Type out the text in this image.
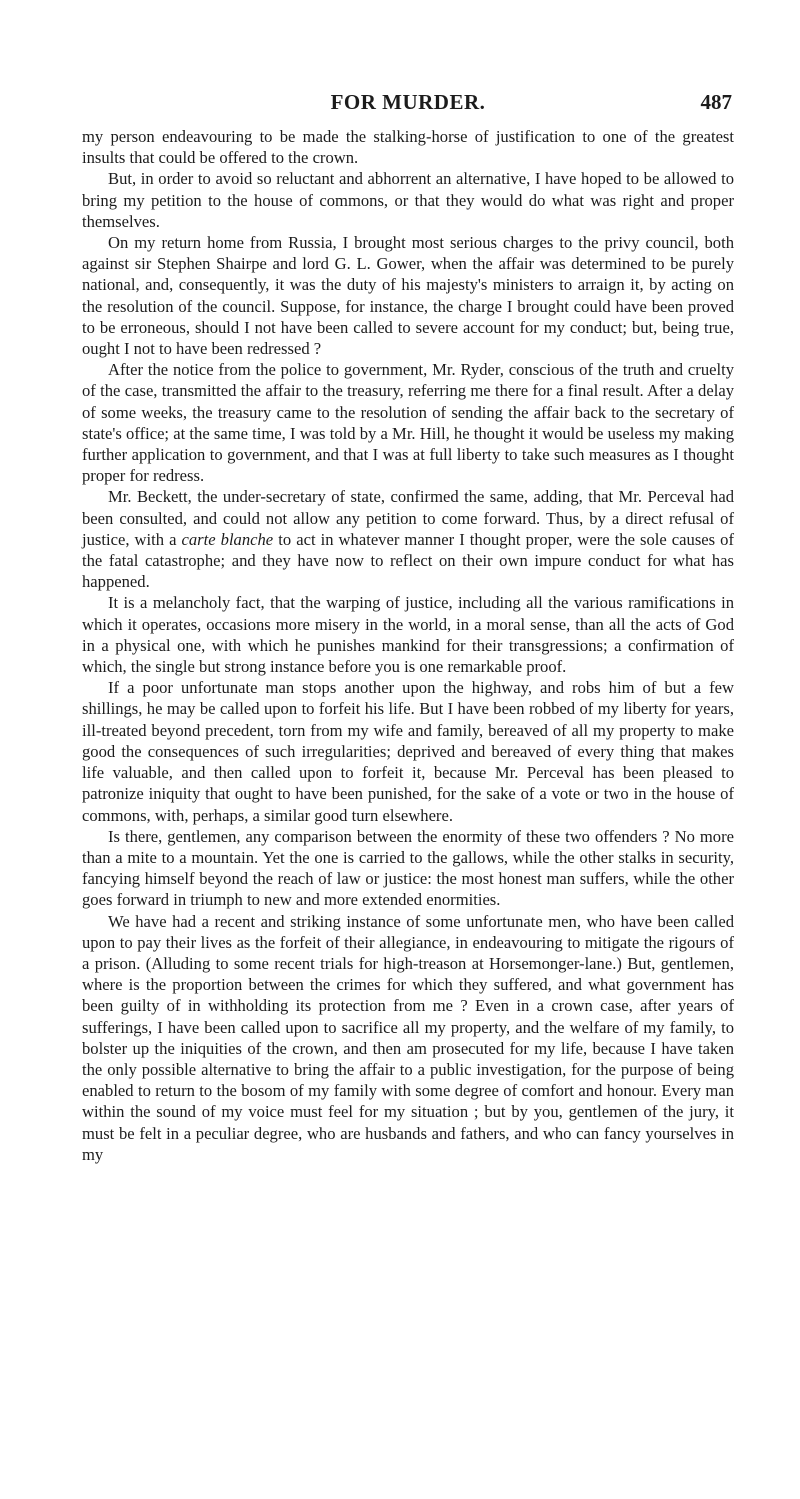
FOR MURDER.	487

my person endeavouring to be made the stalking-horse of justification to one of the greatest insults that could be offered to the crown.

But, in order to avoid so reluctant and abhorrent an alternative, I have hoped to be allowed to bring my petition to the house of commons, or that they would do what was right and proper themselves.

On my return home from Russia, I brought most serious charges to the privy council, both against sir Stephen Shairpe and lord G. L. Gower, when the affair was determined to be purely national, and, consequently, it was the duty of his majesty's ministers to arraign it, by acting on the resolution of the council. Suppose, for instance, the charge I brought could have been proved to be erroneous, should I not have been called to severe account for my conduct; but, being true, ought I not to have been redressed ?

After the notice from the police to government, Mr. Ryder, conscious of the truth and cruelty of the case, transmitted the affair to the treasury, referring me there for a final result. After a delay of some weeks, the treasury came to the resolution of sending the affair back to the secretary of state's office; at the same time, I was told by a Mr. Hill, he thought it would be useless my making further application to government, and that I was at full liberty to take such measures as I thought proper for redress.

Mr. Beckett, the under-secretary of state, confirmed the same, adding, that Mr. Perceval had been consulted, and could not allow any petition to come forward. Thus, by a direct refusal of justice, with a carte blanche to act in whatever manner I thought proper, were the sole causes of the fatal catastrophe; and they have now to reflect on their own impure conduct for what has happened.

It is a melancholy fact, that the warping of justice, including all the various ramifications in which it operates, occasions more misery in the world, in a moral sense, than all the acts of God in a physical one, with which he punishes mankind for their transgressions; a confirmation of which, the single but strong instance before you is one remarkable proof.

If a poor unfortunate man stops another upon the highway, and robs him of but a few shillings, he may be called upon to forfeit his life. But I have been robbed of my liberty for years, ill-treated beyond precedent, torn from my wife and family, bereaved of all my property to make good the consequences of such irregularities; deprived and bereaved of every thing that makes life valuable, and then called upon to forfeit it, because Mr. Perceval has been pleased to patronize iniquity that ought to have been punished, for the sake of a vote or two in the house of commons, with, perhaps, a similar good turn elsewhere.

Is there, gentlemen, any comparison between the enormity of these two offenders ? No more than a mite to a mountain. Yet the one is carried to the gallows, while the other stalks in security, fancying himself beyond the reach of law or justice: the most honest man suffers, while the other goes forward in triumph to new and more extended enormities.

We have had a recent and striking instance of some unfortunate men, who have been called upon to pay their lives as the forfeit of their allegiance, in endeavouring to mitigate the rigours of a prison. (Alluding to some recent trials for high-treason at Horsemonger-lane.) But, gentlemen, where is the proportion between the crimes for which they suffered, and what government has been guilty of in withholding its protection from me ? Even in a crown case, after years of sufferings, I have been called upon to sacrifice all my property, and the welfare of my family, to bolster up the iniquities of the crown, and then am prosecuted for my life, because I have taken the only possible alternative to bring the affair to a public investigation, for the purpose of being enabled to return to the bosom of my family with some degree of comfort and honour. Every man within the sound of my voice must feel for my situation ; but by you, gentlemen of the jury, it must be felt in a peculiar degree, who are husbands and fathers, and who can fancy yourselves in my
